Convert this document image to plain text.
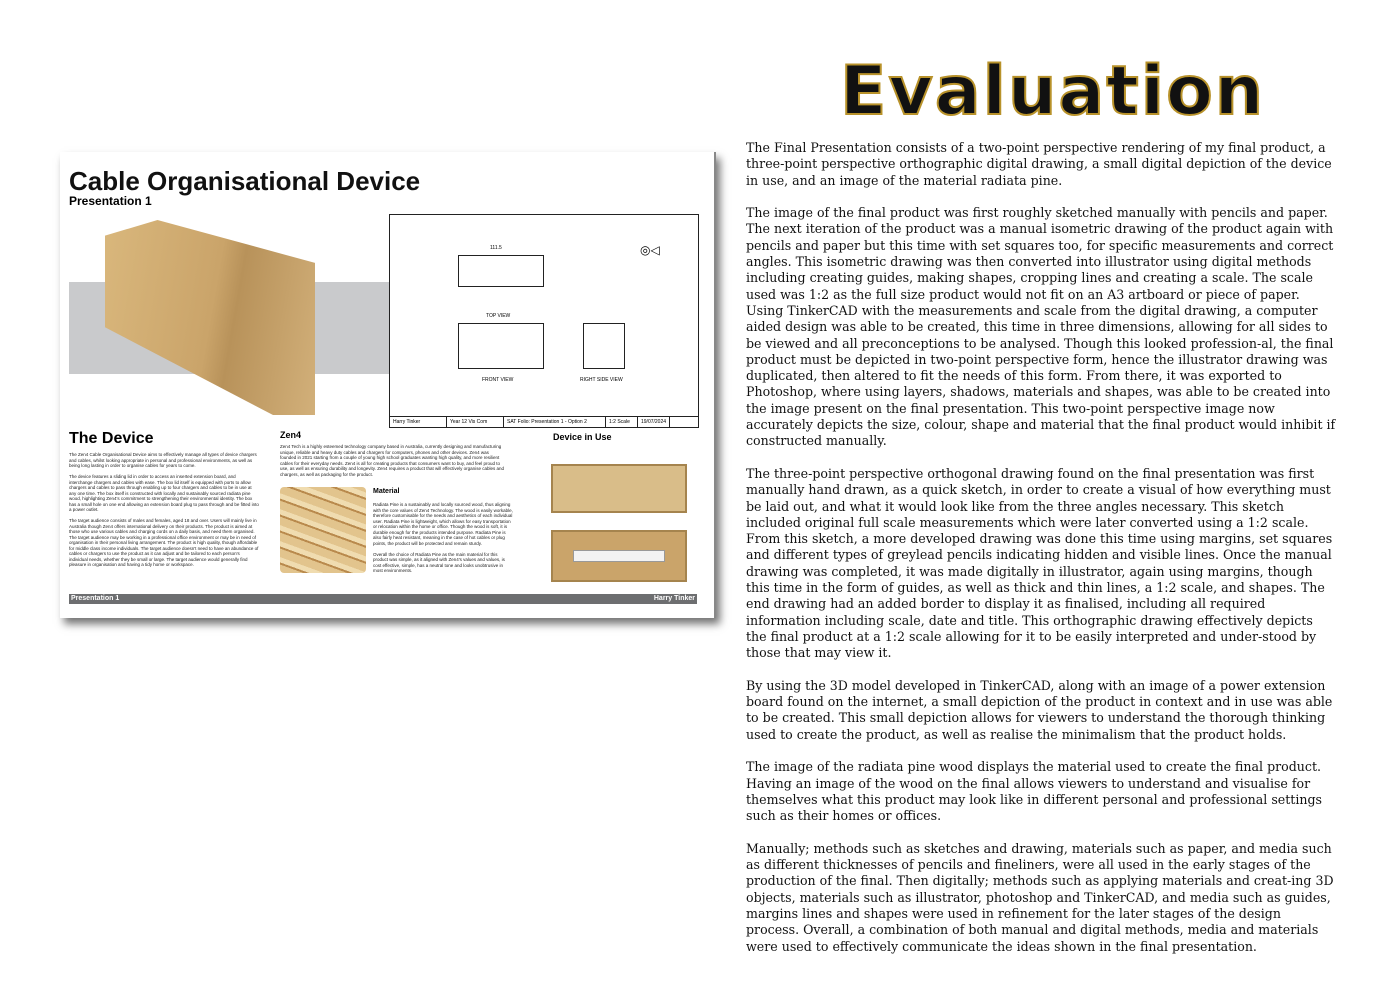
Cable Organisational Device
Presentation 1
111.5
TOP VIEW
FRONT VIEW	RIGHT SIDE VIEW
◎◁
Harry Tinker	Year 12 Vis Com	SAT Folio: Presentation 1 - Option 2	1:2 Scale	19/07/2024
The Device
The Zen4 Cable Organisational Device aims to effectively manage all types of device chargers and cables, whilst looking appropriate in personal and professional environments, as well as being long lasting in order to organise cables for years to come.

The device features a sliding lid in order to access an inserted extension board, and interchange chargers and cables with ease. The box lid itself is equipped with ports to allow chargers and cables to pass through enabling up to four chargers and cables to be in use at any one time. The box itself is constructed with locally and sustainably sourced radiata pine wood, highlighting Zen4's commitment to strengthening their environmental identity. The box has a small hole on one end allowing an extension board plug to pass through and be fitted into a power outlet.

The target audience consists of males and females, aged 18 and over. Users will mainly live in Australia though Zen4 offers international delivery on their products. The product is aimed at those who use various cables and charging cords on a daily basis, and need them organised. The target audience may be working in a professional office environment or may be in need of organisation in their personal living arrangement. The product is high quality, though affordable for middle class income individuals. The target audience doesn't need to have an abundance of cables or chargers to use the product as it can adjust and be tailored to each person's individual needs, whether they be small or large. The target audience would generally find pleasure in organisation and having a tidy home or workspace.
Zen4
Zen4 Tech is a highly esteemed technology company based in Australia, currently designing and manufacturing unique, reliable and heavy duty cables and chargers for computers, phones and other devices. Zen4 was founded in 2021 starting from a couple of young high school graduates wanting high quality, and more resilient cables for their everyday needs. Zen4 is all for creating products that consumers want to buy, and feel proud to use, as well as ensuring durability and longevity. Zen4 requires a product that will effectively organise cables and chargers, as well as packaging for the product.
Material
Radiata Pine is a sustainably and locally sourced wood, thus aligning with the core values of Zen4 Technology. The wood is easily workable, therefore customisable for the needs and aesthetics of each individual user. Radiata Pine is lightweight, which allows for easy transportation or relocation within the home or office. Though the wood is soft, it is durable enough for the products intended purpose. Radiata Pine is also fairly heat resistant, meaning in the case of hot cables or plug points, the product will be protected and remain sturdy.

Overall the choice of Radiata Pine as the main material for this product was simple, as it aligned with Zen4's values and values, is cost effective, simple, has a neutral tone and looks unobtrusive in most environments.
Device in Use
Presentation 1	Harry Tinker
Evaluation

The Final Presentation consists of a two-point perspective rendering of my final product, a three-point perspective orthographic digital drawing, a small digital depiction of the device in use, and an image of the material radiata pine.

The image of the final product was first roughly sketched manually with pencils and paper. The next iteration of the product was a manual isometric drawing of the product again with pencils and paper but this time with set squares too, for specific measurements and correct angles. This isometric drawing was then converted into illustrator using digital methods including creating guides, making shapes, cropping lines and creating a scale. The scale used was 1:2 as the full size product would not fit on an A3 artboard or piece of paper. Using TinkerCAD with the measurements and scale from the digital drawing, a computer aided design was able to be created, this time in three dimensions, allowing for all sides to be viewed and all preconceptions to be analysed. Though this looked profession-al, the final product must be depicted in two-point perspective form, hence the illustrator drawing was duplicated, then altered to fit the needs of this form. From there, it was exported to Photoshop, where using layers, shadows, materials and shapes, was able to be created into the image present on the final presentation. This two-point perspective image now accurately depicts the size, colour, shape and material that the final product would inhibit if constructed manually.

The three-point perspective orthogonal drawing found on the final presentation was first manually hand drawn, as a quick sketch, in order to create a visual of how everything must be laid out, and what it would look like from the three angles necessary. This sketch included original full scale measurements which were later converted using a 1:2 scale. From this sketch, a more developed drawing was done this time using margins, set squares and different types of greylead pencils indicating hidden and visible lines. Once the manual drawing was completed, it was made digitally in illustrator, again using margins, though this time in the form of guides, as well as thick and thin lines, a 1:2 scale, and shapes. The end drawing had an added border to display it as finalised, including all required information including scale, date and title. This orthographic drawing effectively depicts the final product at a 1:2 scale allowing for it to be easily interpreted and under-stood by those that may view it.

By using the 3D model developed in TinkerCAD, along with an image of a power extension board found on the internet, a small depiction of the product in context and in use was able to be created. This small depiction allows for viewers to understand the thorough thinking used to create the product, as well as realise the minimalism that the product holds.

The image of the radiata pine wood displays the material used to create the final product. Having an image of the wood on the final allows viewers to understand and visualise for themselves what this product may look like in different personal and professional settings such as their homes or offices.

Manually; methods such as sketches and drawing, materials such as paper, and media such as different thicknesses of pencils and fineliners, were all used in the early stages of the production of the final. Then digitally; methods such as applying materials and creat-ing 3D objects, materials such as illustrator, photoshop and TinkerCAD, and media such as guides, margins lines and shapes were used in refinement for the later stages of the design process. Overall, a combination of both manual and digital methods, media and materials were used to effectively communicate the ideas shown in the final presentation.
